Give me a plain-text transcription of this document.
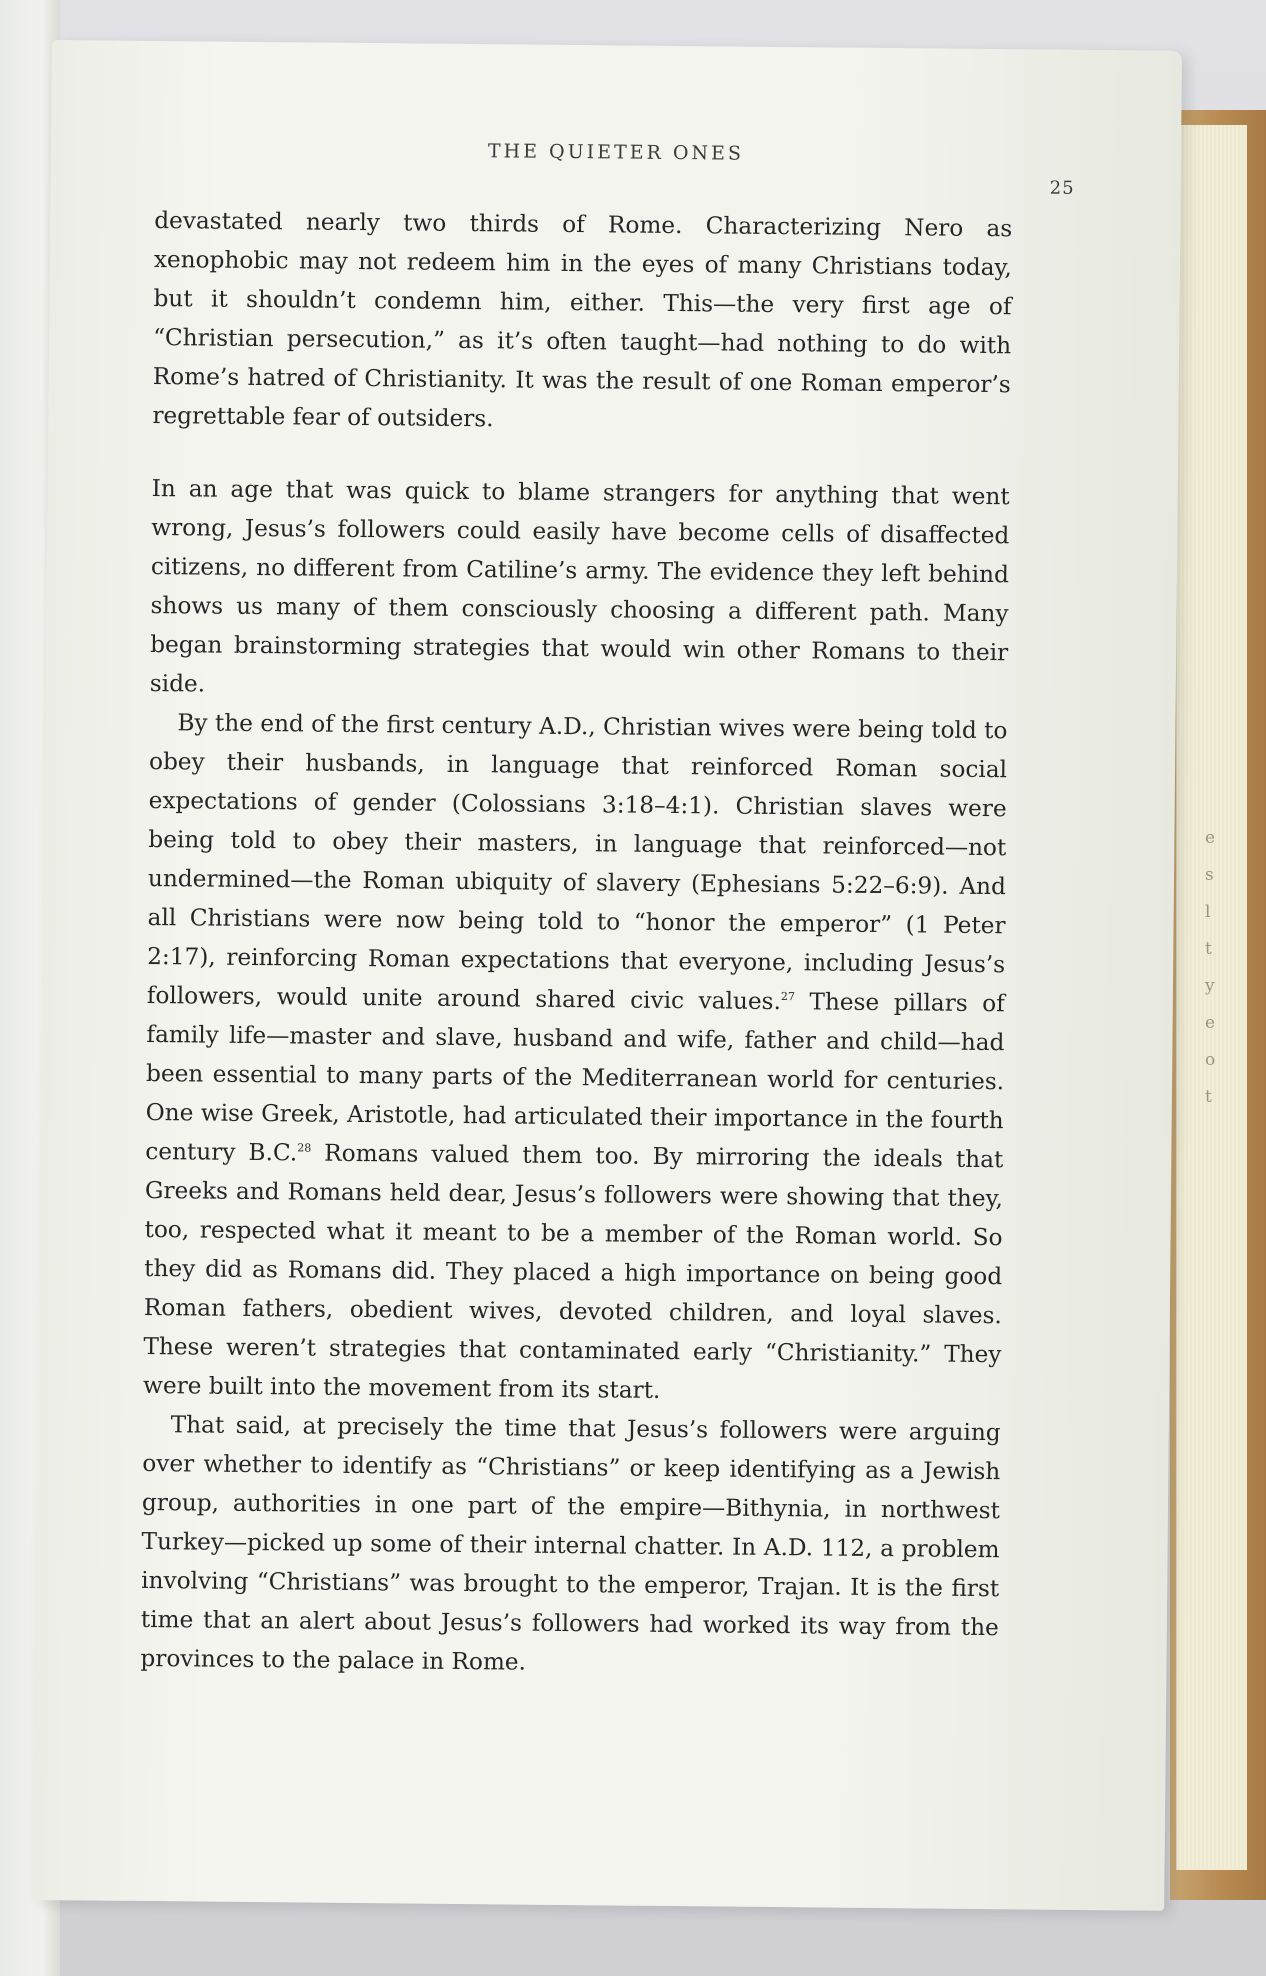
e
s
l
t
y
e
o
t
THE QUIETER ONES
25

devastated nearly two thirds of Rome. Characterizing Nero as xenophobic may not redeem him in the eyes of many Christians today, but it shouldn’t condemn him, either. This—the very first age of “Christian persecution,” as it’s often taught—had nothing to do with Rome’s hatred of Christianity. It was the result of one Roman emperor’s regrettable fear of outsiders.

In an age that was quick to blame strangers for anything that went wrong, Jesus’s followers could easily have become cells of disaffected citizens, no different from Catiline’s army. The evidence they left behind shows us many of them consciously choosing a different path. Many began brainstorming strategies that would win other Romans to their side.

By the end of the first century A.D., Christian wives were being told to obey their husbands, in language that reinforced Roman social expectations of gender (Colossians 3:18–4:1). Christian slaves were being told to obey their masters, in language that reinforced—not undermined—the Roman ubiquity of slavery (Ephesians 5:22–6:9). And all Christians were now being told to “honor the emperor” (1 Peter 2:17), reinforcing Roman expectations that everyone, including Jesus’s followers, would unite around shared civic values.$^{27}$ These pillars of family life—master and slave, husband and wife, father and child—had been essential to many parts of the Mediterranean world for centuries. One wise Greek, Aristotle, had articulated their importance in the fourth century B.C.$^{28}$ Romans valued them too. By mirroring the ideals that Greeks and Romans held dear, Jesus’s followers were showing that they, too, respected what it meant to be a member of the Roman world. So they did as Romans did. They placed a high importance on being good Roman fathers, obedient wives, devoted children, and loyal slaves. These weren’t strategies that contaminated early “Christianity.” They were built into the movement from its start.

That said, at precisely the time that Jesus’s followers were arguing over whether to identify as “Christians” or keep identifying as a Jewish group, authorities in one part of the empire—Bithynia, in northwest Turkey—picked up some of their internal chatter. In A.D. 112, a problem involving “Christians” was brought to the emperor, Trajan. It is the first time that an alert about Jesus’s followers had worked its way from the provinces to the palace in Rome.
